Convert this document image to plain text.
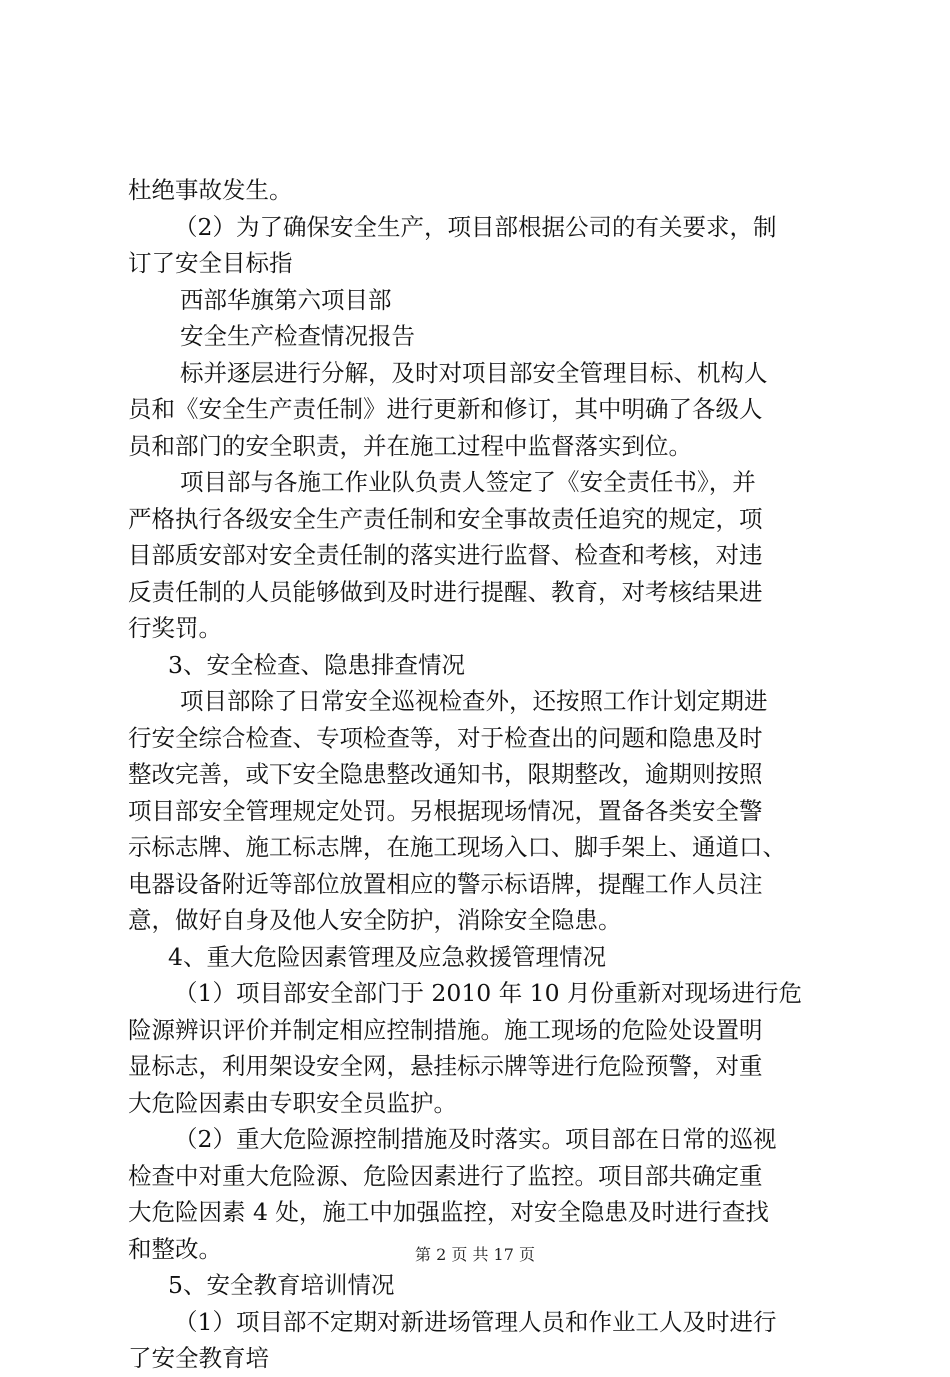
杜绝事故发生。
（2）为了确保安全生产，项目部根据公司的有关要求，制
订了安全目标指
西部华旗第六项目部
安全生产检查情况报告
标并逐层进行分解，及时对项目部安全管理目标、机构人
员和《安全生产责任制》进行更新和修订，其中明确了各级人
员和部门的安全职责，并在施工过程中监督落实到位。
项目部与各施工作业队负责人签定了《安全责任书》，并
严格执行各级安全生产责任制和安全事故责任追究的规定，项
目部质安部对安全责任制的落实进行监督、检查和考核，对违
反责任制的人员能够做到及时进行提醒、教育，对考核结果进
行奖罚。
3、安全检查、隐患排查情况
项目部除了日常安全巡视检查外，还按照工作计划定期进
行安全综合检查、专项检查等，对于检查出的问题和隐患及时
整改完善，或下安全隐患整改通知书，限期整改，逾期则按照
项目部安全管理规定处罚。另根据现场情况，置备各类安全警
示标志牌、施工标志牌，在施工现场入口、脚手架上、通道口、
电器设备附近等部位放置相应的警示标语牌，提醒工作人员注
意，做好自身及他人安全防护，消除安全隐患。
4、重大危险因素管理及应急救援管理情况
（1）项目部安全部门于 2010 年 10 月份重新对现场进行危
险源辨识评价并制定相应控制措施。施工现场的危险处设置明
显标志，利用架设安全网，悬挂标示牌等进行危险预警，对重
大危险因素由专职安全员监护。
（2）重大危险源控制措施及时落实。项目部在日常的巡视
检查中对重大危险源、危险因素进行了监控。项目部共确定重
大危险因素 4 处，施工中加强监控，对安全隐患及时进行查找
和整改。
5、安全教育培训情况
（1）项目部不定期对新进场管理人员和作业工人及时进行
了安全教育培
第 2 页 共 17 页
